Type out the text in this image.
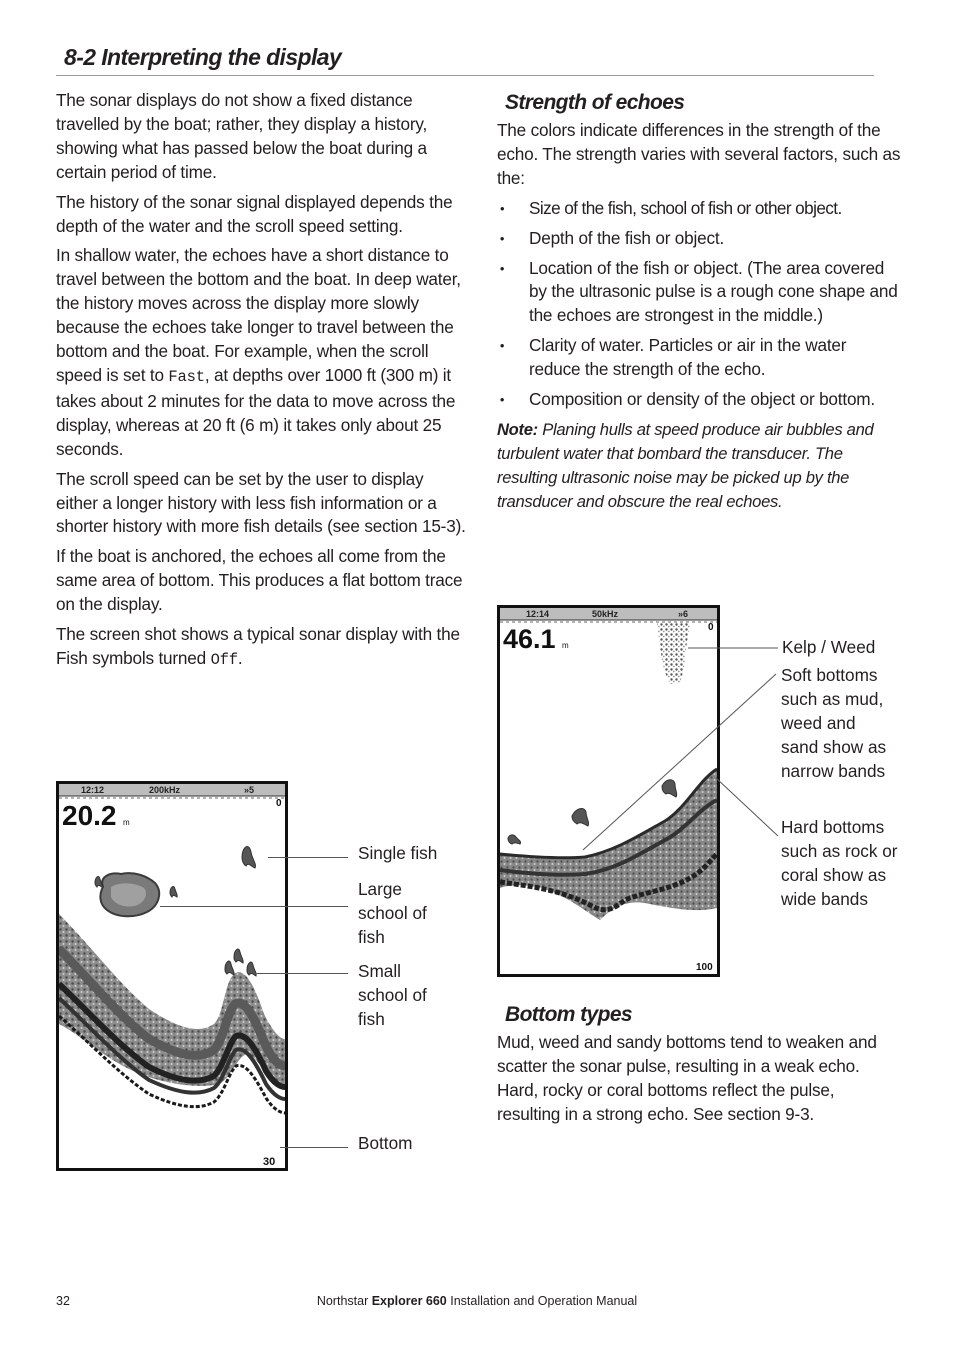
8-2 Interpreting the display

The sonar displays do not show a fixed distance travelled by the boat; rather, they display a history, showing what has passed below the boat during a certain period of time.

The history of the sonar signal displayed depends the depth of the water and the scroll speed setting.

In shallow water, the echoes have a short distance to travel between the bottom and the boat. In deep water, the history moves across the display more slowly because the echoes take longer to travel between the bottom and the boat. For example, when the scroll speed is set to Fast, at depths over 1000 ft (300 m) it takes about 2 minutes for the data to move across the display, whereas at 20 ft (6 m) it takes only about 25 seconds.

The scroll speed can be set by the user to display either a longer history with less fish information or a shorter history with more fish details (see section 15-3).

If the boat is anchored, the echoes all come from the same area of bottom. This produces a flat bottom trace on the display.

The screen shot shows a typical sonar display with the Fish symbols turned Off.

12:12	200kHz	»5
20.2 m
0
30
Single fish
Large school of fish
Small school of fish
Bottom
Strength of echoes

The colors indicate differences in the strength of the echo. The strength varies with several factors, such as the:

• Size of the fish, school of fish or other object.
• Depth of the fish or object.
• Location of the fish or object. (The area covered by the ultrasonic pulse is a rough cone shape and the echoes are strongest in the middle.)
• Clarity of water. Particles or air in the water reduce the strength of the echo.
• Composition or density of the object or bottom.
Note: Planing hulls at speed produce air bubbles and turbulent water that bombard the transducer. The resulting ultrasonic noise may be picked up by the transducer and obscure the real echoes.
12:14	50kHz	»6
46.1 m
0
100
Kelp / Weed
Soft bottoms such as mud, weed and sand show as narrow bands
Hard bottoms such as rock or coral show as wide bands
Bottom types

Mud, weed and sandy bottoms tend to weaken and scatter the sonar pulse, resulting in a weak echo. Hard, rocky or coral bottoms reflect the pulse, resulting in a strong echo. See section 9-3.

32	Northstar Explorer 660 Installation and Operation Manual
